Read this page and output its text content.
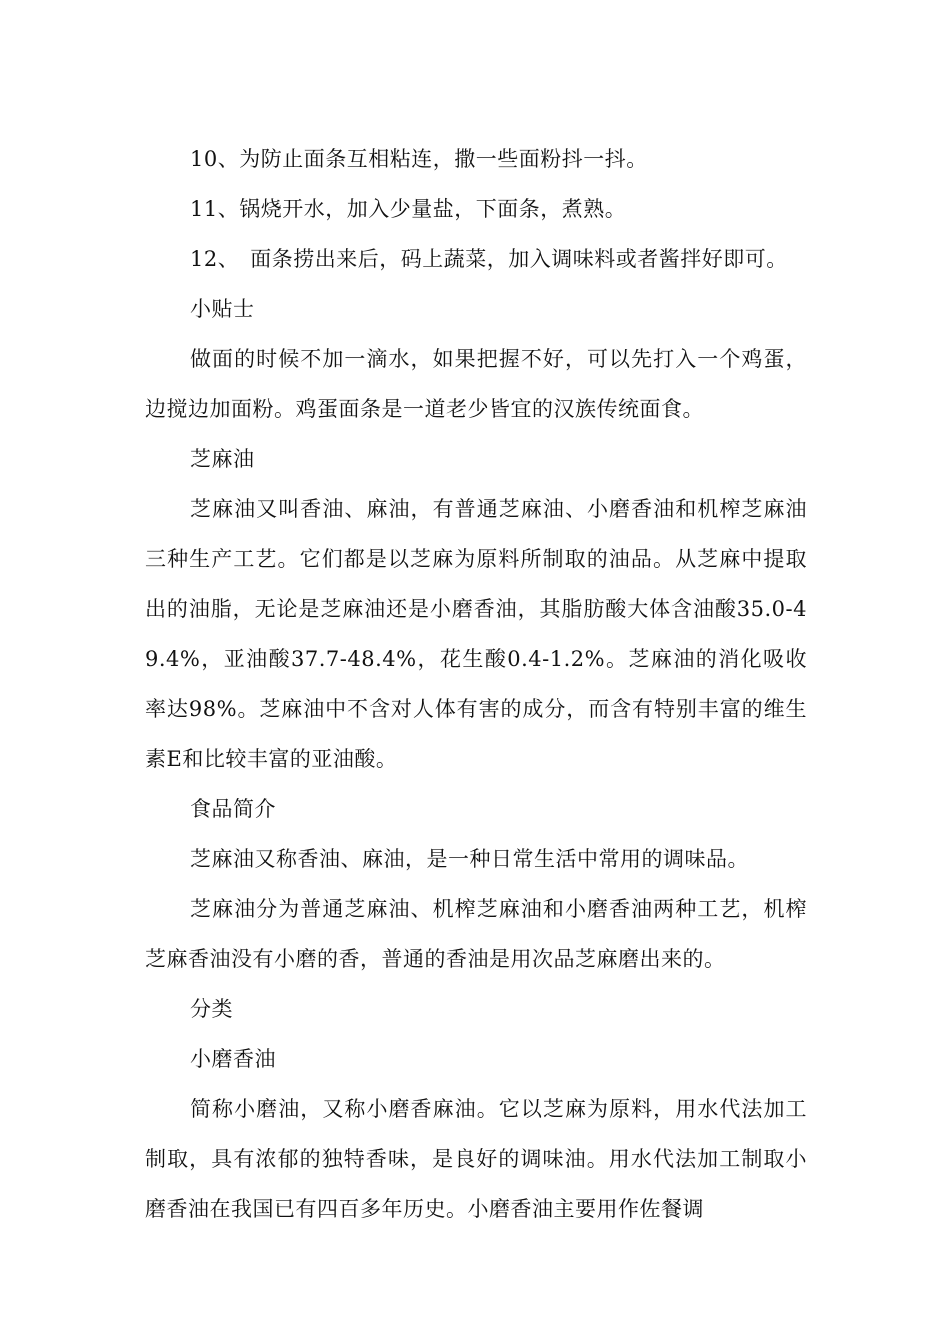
10、为防止面条互相粘连，撒一些面粉抖一抖。

11、锅烧开水，加入少量盐，下面条，煮熟。

12、　面条捞出来后，码上蔬菜，加入调味料或者酱拌好即可。

小贴士

做面的时候不加一滴水，如果把握不好，可以先打入一个鸡蛋，边搅边加面粉。鸡蛋面条是一道老少皆宜的汉族传统面食。

芝麻油

芝麻油又叫香油、麻油，有普通芝麻油、小磨香油和机榨芝麻油三种生产工艺。它们都是以芝麻为原料所制取的油品。从芝麻中提取出的油脂，无论是芝麻油还是小磨香油，其脂肪酸大体含油酸35.0-49.4%，亚油酸37.7-48.4%，花生酸0.4-1.2%。芝麻油的消化吸收率达98%。芝麻油中不含对人体有害的成分，而含有特别丰富的维生素E和比较丰富的亚油酸。

食品简介

芝麻油又称香油、麻油，是一种日常生活中常用的调味品。

芝麻油分为普通芝麻油、机榨芝麻油和小磨香油两种工艺，机榨芝麻香油没有小磨的香，普通的香油是用次品芝麻磨出来的。

分类

小磨香油

简称小磨油，又称小磨香麻油。它以芝麻为原料，用水代法加工制取，具有浓郁的独特香味，是良好的调味油。用水代法加工制取小磨香油在我国已有四百多年历史。小磨香油主要用作佐餐调
